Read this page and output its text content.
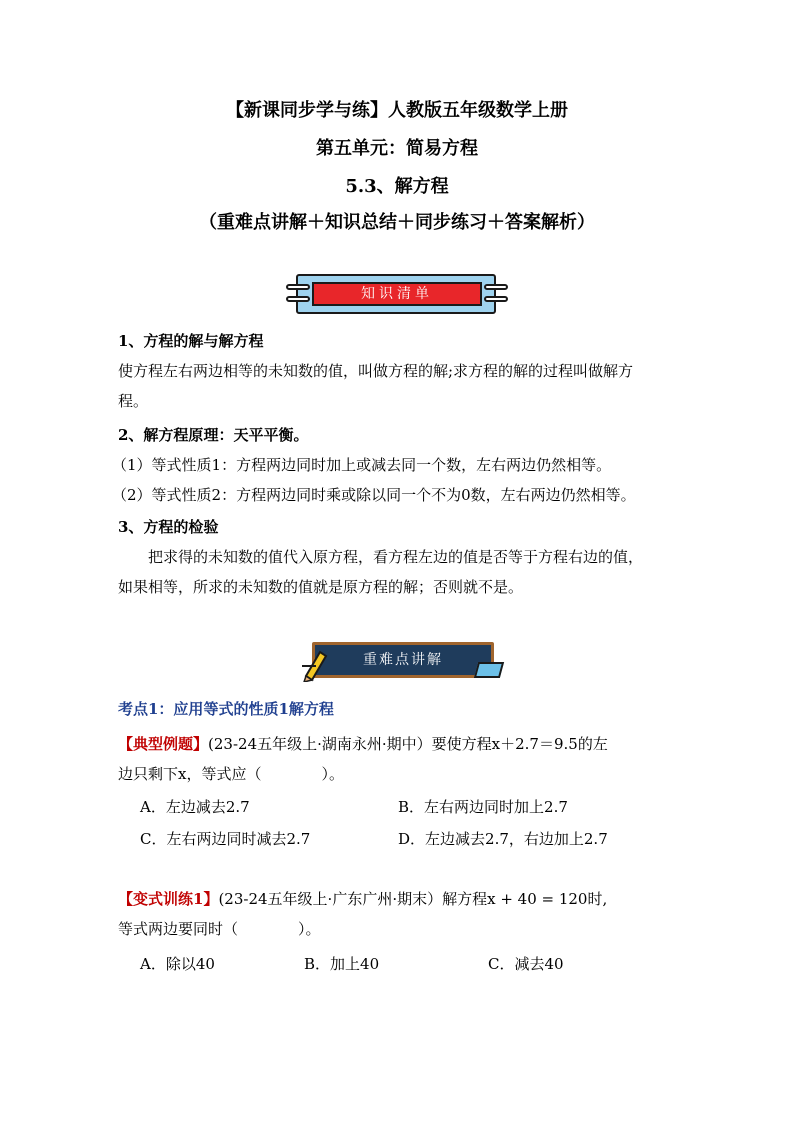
【新课同步学与练】人教版五年级数学上册
第五单元：简易方程
5.3、解方程
（重难点讲解＋知识总结＋同步练习＋答案解析）
知识清单
1、方程的解与解方程
使方程左右两边相等的未知数的值，叫做方程的解;求方程的解的过程叫做解方
程。
2、解方程原理：天平平衡。
（1）等式性质1：方程两边同时加上或减去同一个数，左右两边仍然相等。
（2）等式性质2：方程两边同时乘或除以同一个不为0数，左右两边仍然相等。
3、方程的检验
把求得的未知数的值代入原方程，看方程左边的值是否等于方程右边的值，
如果相等，所求的未知数的值就是原方程的解；否则就不是。
重难点讲解
考点1：应用等式的性质1解方程
【典型例题】(23-24五年级上·湖南永州·期中）要使方程x＋2.7＝9.5的左
边只剩下x，等式应（　　　　）。
A．左边减去2.7	B．左右两边同时加上2.7
C．左右两边同时减去2.7	D．左边减去2.7，右边加上2.7
【变式训练1】(23-24五年级上·广东广州·期末）解方程x + 40 = 120时,
等式两边要同时（　　　　）。
A．除以40	B．加上40	C．减去40
